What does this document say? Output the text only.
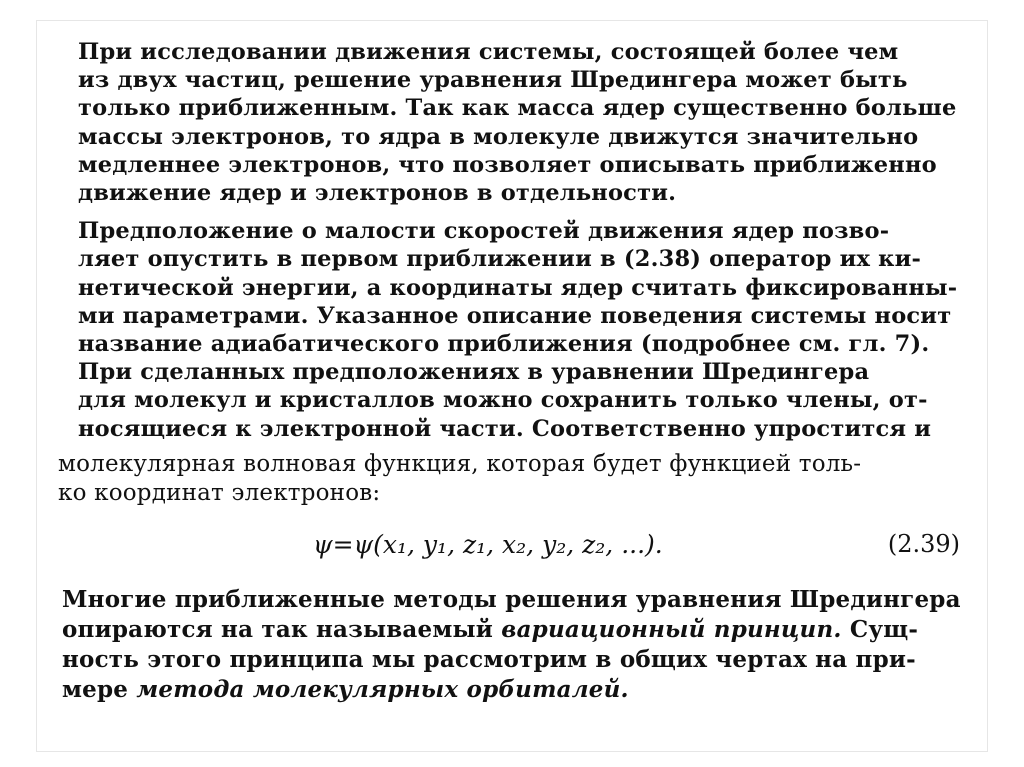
При исследовании движения системы, состоящей более чем
из двух частиц, решение уравнения Шредингера может быть
только приближенным. Так как масса ядер существенно больше
массы электронов, то ядра в молекуле движутся значительно
медленнее электронов, что позволяет описывать приближенно
движение ядер и электронов в отдельности.
Предположение о малости скоростей движения ядер позво-
ляет опустить в первом приближении в (2.38) оператор их ки-
нетической энергии, а координаты ядер считать фиксированны-
ми параметрами. Указанное описание поведения системы носит
название адиабатического приближения (подробнее см. гл. 7).
При сделанных предположениях в уравнении Шредингера
для молекул и кристаллов можно сохранить только члены, от-
носящиеся к электронной части. Соответственно упростится и
молекулярная волновая функция, которая будет функцией толь-
ко координат электронов:
ψ=ψ(x₁, y₁, z₁, x₂, y₂, z₂, ...).	(2.39)
Многие приближенные методы решения уравнения Шредингера
опираются на так называемый вариационный принцип. Сущ-
ность этого принципа мы рассмотрим в общих чертах на при-
мере метода молекулярных орбиталей.
